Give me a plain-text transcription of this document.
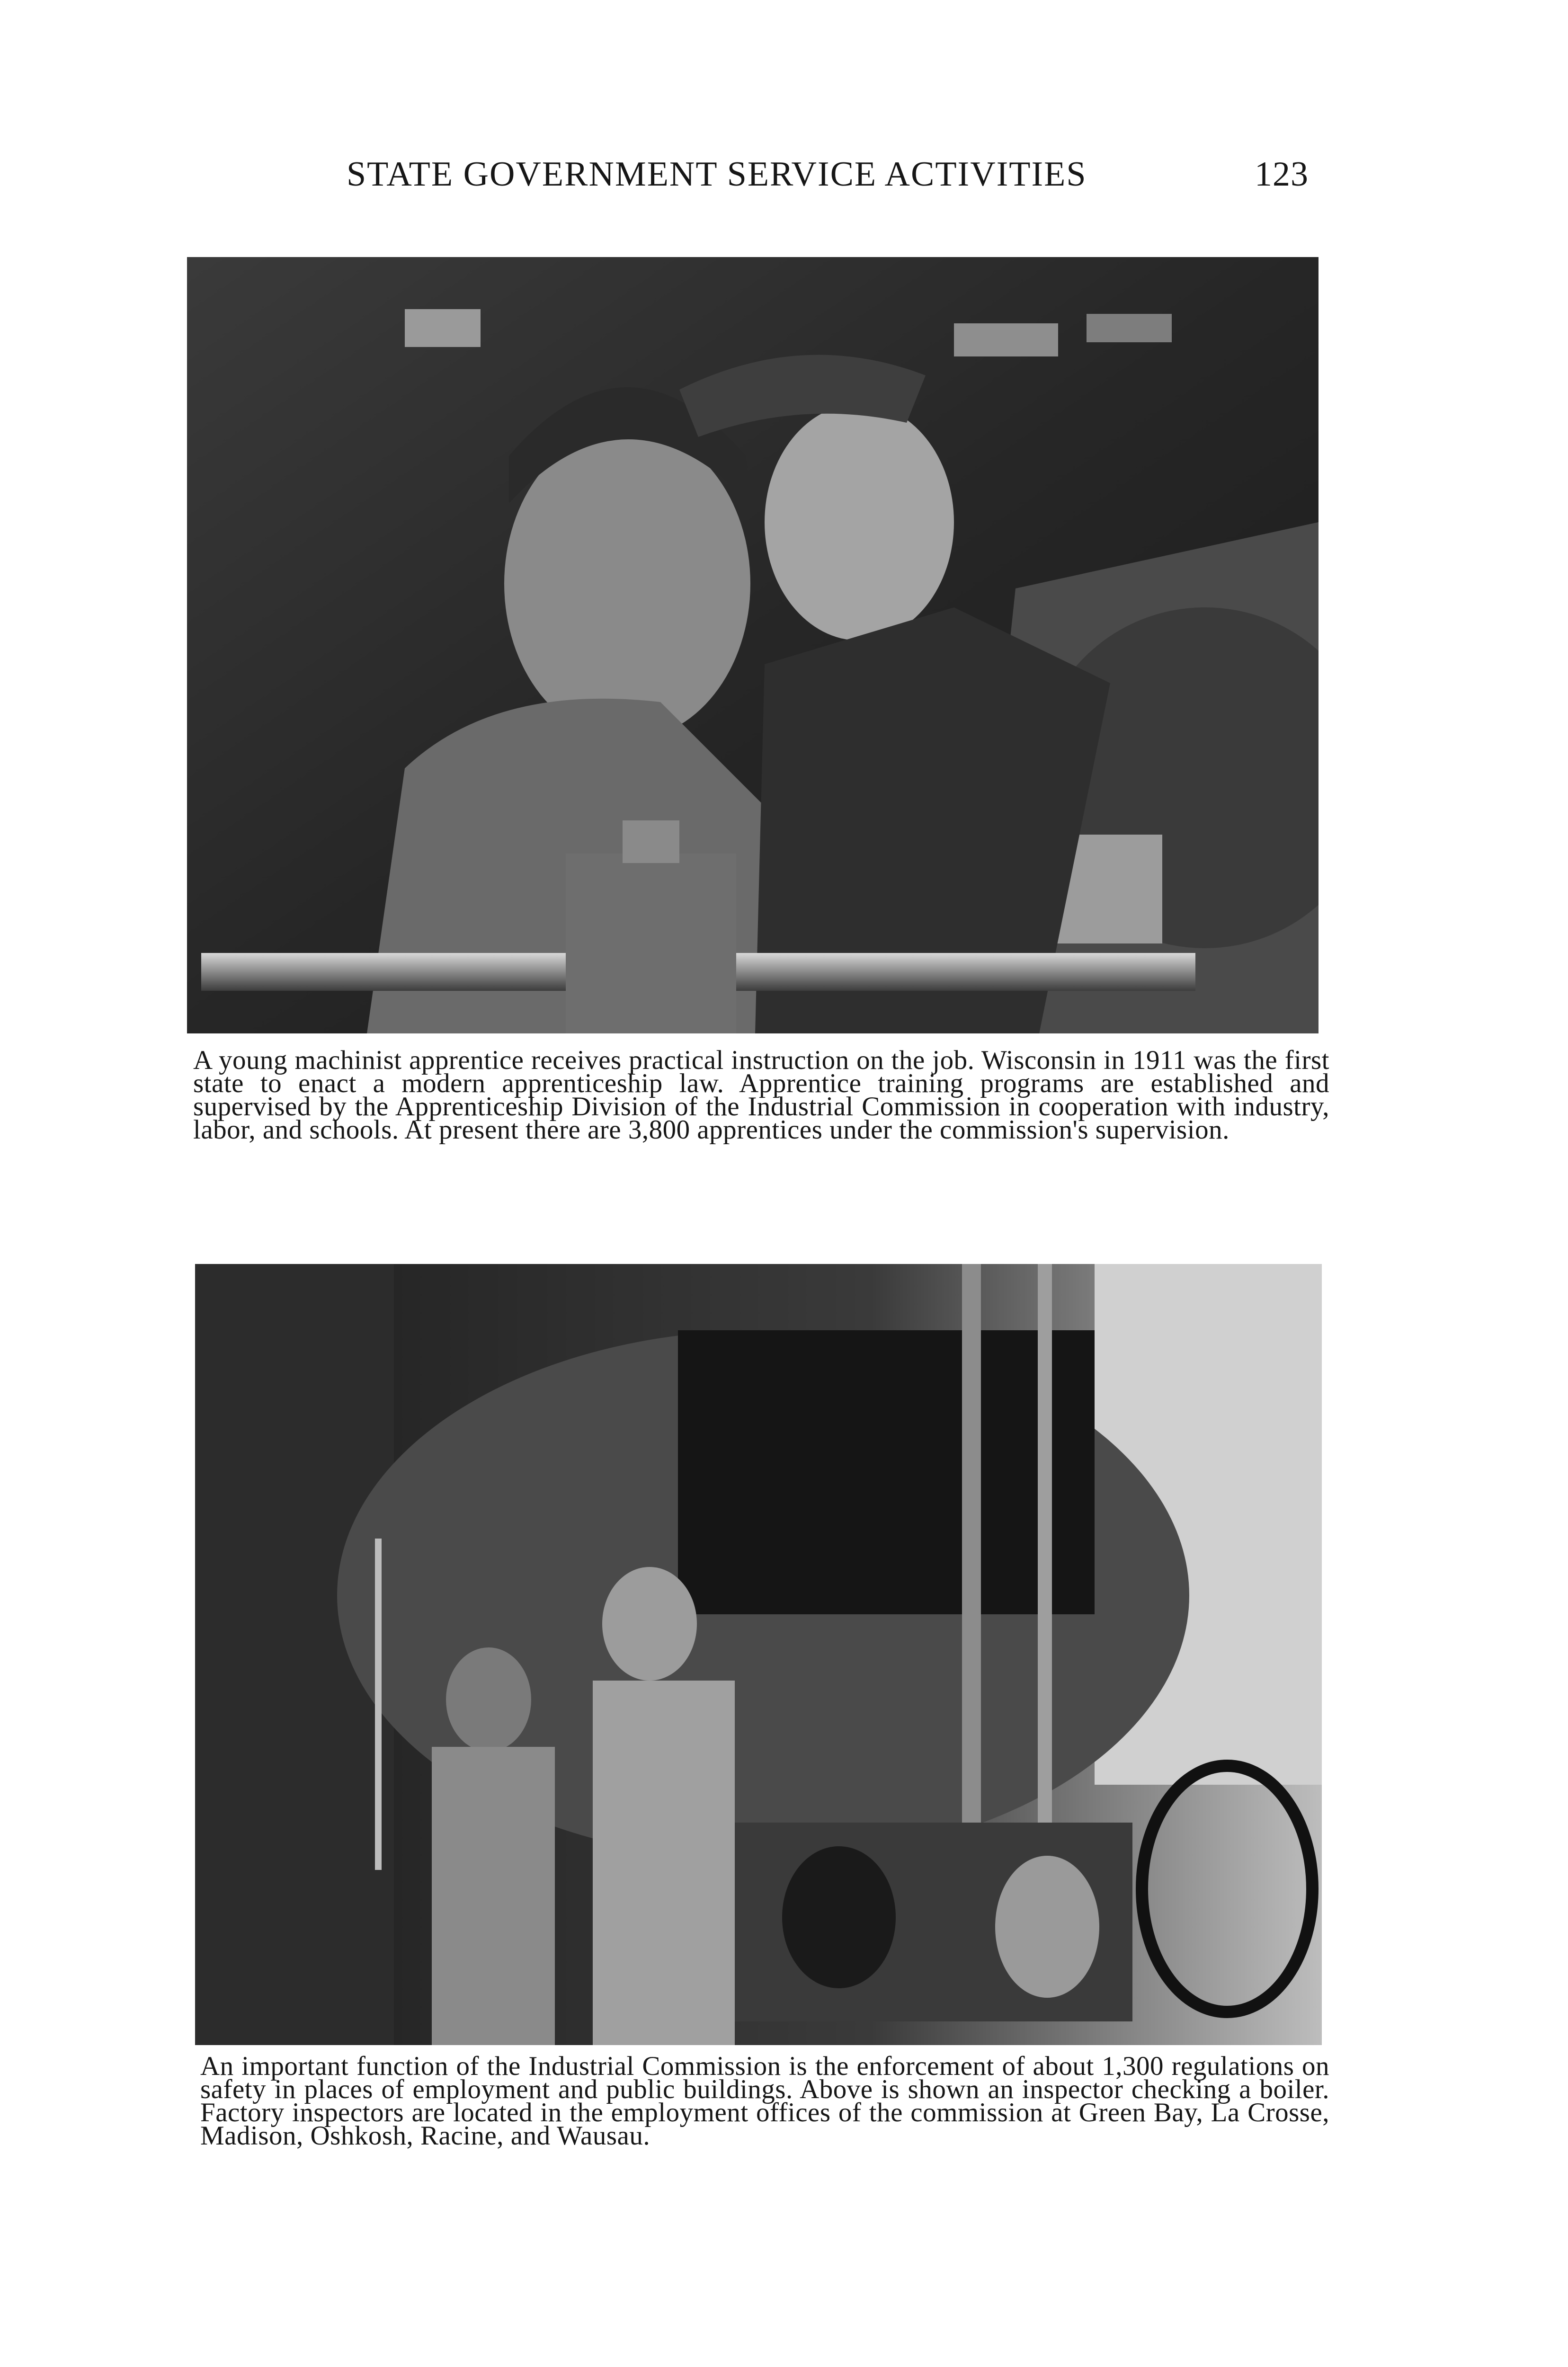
STATE GOVERNMENT SERVICE ACTIVITIES	123
A young machinist apprentice receives practical instruction on the job. Wisconsin in 1911 was the first state to enact a modern apprenticeship law. Apprentice training programs are established and supervised by the Apprenticeship Division of the Industrial Commission in cooperation with industry, labor, and schools. At present there are 3,800 apprentices under the commission's supervision.
An important function of the Industrial Commission is the enforcement of about 1,300 regulations on safety in places of employment and public buildings. Above is shown an inspector checking a boiler. Factory inspectors are located in the employment offices of the commission at Green Bay, La Crosse, Madison, Oshkosh, Racine, and Wausau.
